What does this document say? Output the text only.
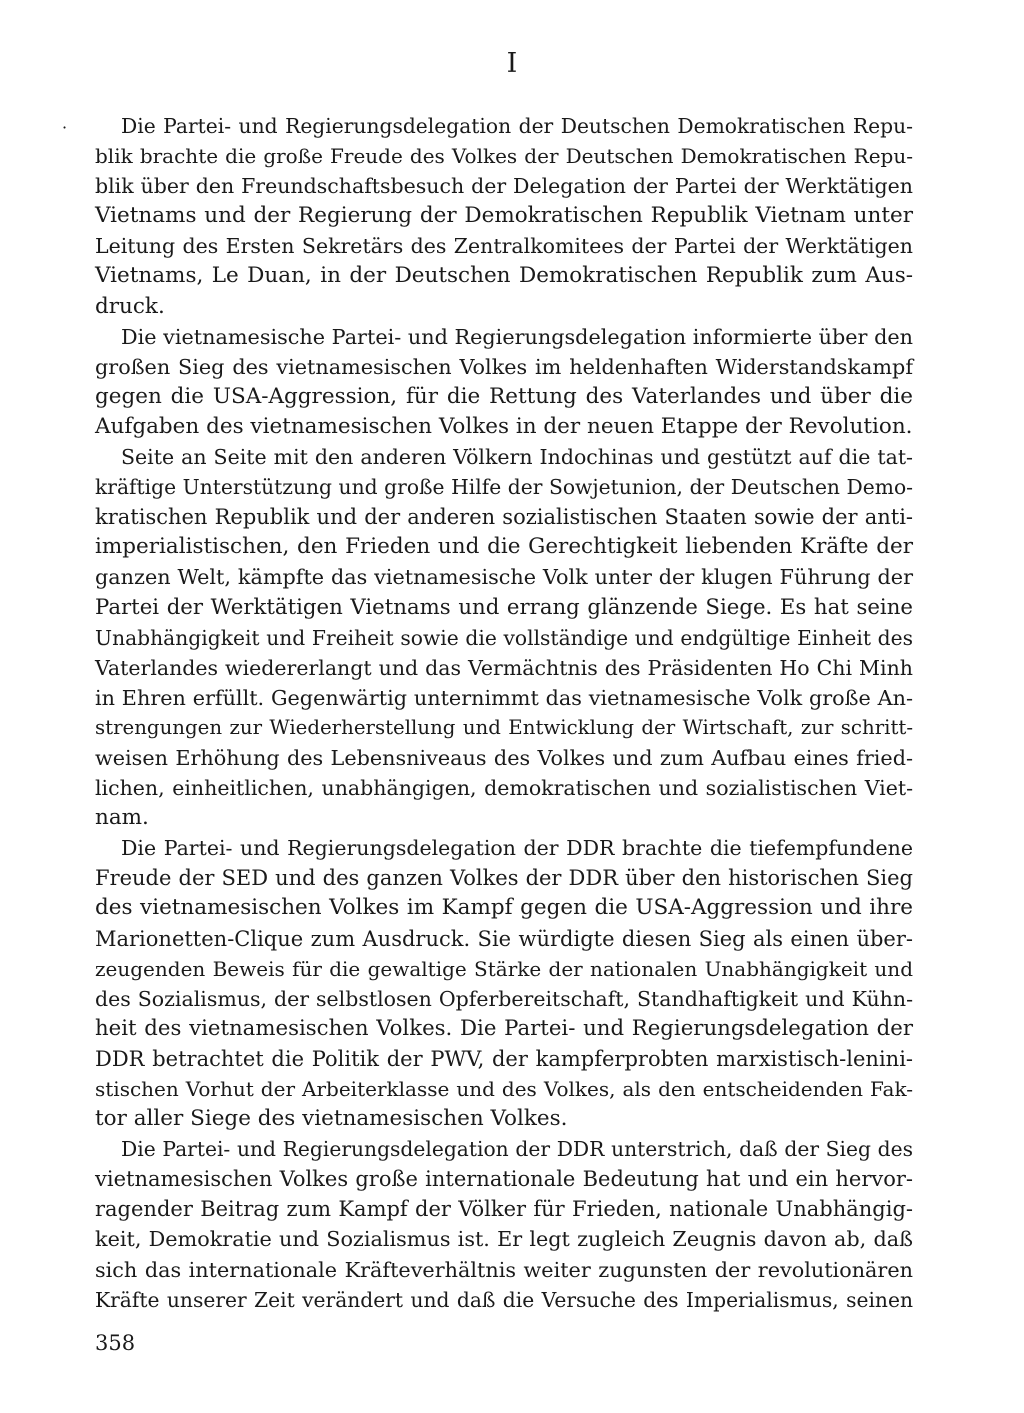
I
·	Die Partei- und Regierungsdelegation der Deutschen Demokratischen Repu-
blik brachte die große Freude des Volkes der Deutschen Demokratischen Repu-
blik über den Freundschaftsbesuch der Delegation der Partei der Werktätigen
Vietnams und der Regierung der Demokratischen Republik Vietnam unter
Leitung des Ersten Sekretärs des Zentralkomitees der Partei der Werktätigen
Vietnams, Le Duan, in der Deutschen Demokratischen Republik zum Aus-
druck.
Die vietnamesische Partei- und Regierungsdelegation informierte über den
großen Sieg des vietnamesischen Volkes im heldenhaften Widerstandskampf
gegen die USA-Aggression, für die Rettung des Vaterlandes und über die
Aufgaben des vietnamesischen Volkes in der neuen Etappe der Revolution.
Seite an Seite mit den anderen Völkern Indochinas und gestützt auf die tat-
kräftige Unterstützung und große Hilfe der Sowjetunion, der Deutschen Demo-
kratischen Republik und der anderen sozialistischen Staaten sowie der anti-
imperialistischen, den Frieden und die Gerechtigkeit liebenden Kräfte der
ganzen Welt, kämpfte das vietnamesische Volk unter der klugen Führung der
Partei der Werktätigen Vietnams und errang glänzende Siege. Es hat seine
Unabhängigkeit und Freiheit sowie die vollständige und endgültige Einheit des
Vaterlandes wiedererlangt und das Vermächtnis des Präsidenten Ho Chi Minh
in Ehren erfüllt. Gegenwärtig unternimmt das vietnamesische Volk große An-
strengungen zur Wiederherstellung und Entwicklung der Wirtschaft, zur schritt-
weisen Erhöhung des Lebensniveaus des Volkes und zum Aufbau eines fried-
lichen, einheitlichen, unabhängigen, demokratischen und sozialistischen Viet-
nam.
Die Partei- und Regierungsdelegation der DDR brachte die tiefempfundene
Freude der SED und des ganzen Volkes der DDR über den historischen Sieg
des vietnamesischen Volkes im Kampf gegen die USA-Aggression und ihre
Marionetten-Clique zum Ausdruck. Sie würdigte diesen Sieg als einen über-
zeugenden Beweis für die gewaltige Stärke der nationalen Unabhängigkeit und
des Sozialismus, der selbstlosen Opferbereitschaft, Standhaftigkeit und Kühn-
heit des vietnamesischen Volkes. Die Partei- und Regierungsdelegation der
DDR betrachtet die Politik der PWV, der kampferprobten marxistisch-lenini-
stischen Vorhut der Arbeiterklasse und des Volkes, als den entscheidenden Fak-
tor aller Siege des vietnamesischen Volkes.
Die Partei- und Regierungsdelegation der DDR unterstrich, daß der Sieg des
vietnamesischen Volkes große internationale Bedeutung hat und ein hervor-
ragender Beitrag zum Kampf der Völker für Frieden, nationale Unabhängig-
keit, Demokratie und Sozialismus ist. Er legt zugleich Zeugnis davon ab, daß
sich das internationale Kräfteverhältnis weiter zugunsten der revolutionären
Kräfte unserer Zeit verändert und daß die Versuche des Imperialismus, seinen
358
